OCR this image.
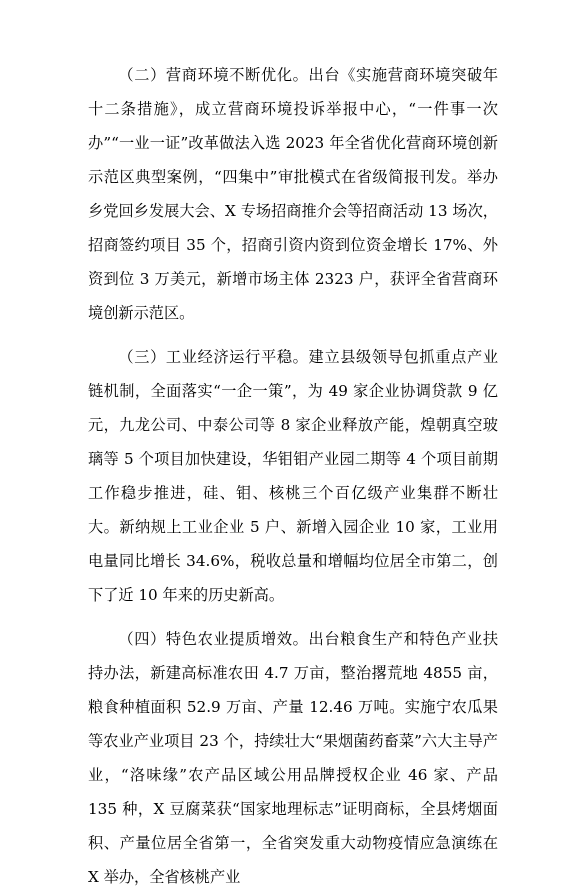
（二）营商环境不断优化。出台《实施营商环境突破年十二条措施》，成立营商环境投诉举报中心，“一件事一次办”“一业一证”改革做法入选 2023 年全省优化营商环境创新示范区典型案例，“四集中”审批模式在省级简报刊发。举办乡党回乡发展大会、X 专场招商推介会等招商活动 13 场次，招商签约项目 35 个，招商引资内资到位资金增长 17%、外资到位 3 万美元，新增市场主体 2323 户，获评全省营商环境创新示范区。

（三）工业经济运行平稳。建立县级领导包抓重点产业链机制，全面落实“一企一策”，为 49 家企业协调贷款 9 亿元，九龙公司、中泰公司等 8 家企业释放产能，煌朝真空玻璃等 5 个项目加快建设，华钼钼产业园二期等 4 个项目前期工作稳步推进，硅、钼、核桃三个百亿级产业集群不断壮大。新纳规上工业企业 5 户、新增入园企业 10 家，工业用电量同比增长 34.6%，税收总量和增幅均位居全市第二，创下了近 10 年来的历史新高。

（四）特色农业提质增效。出台粮食生产和特色产业扶持办法，新建高标准农田 4.7 万亩，整治撂荒地 4855 亩，粮食种植面积 52.9 万亩、产量 12.46 万吨。实施宁农瓜果等农业产业项目 23 个，持续壮大“果烟菌药畜菜”六大主导产业，“洛味缘”农产品区域公用品牌授权企业 46 家、产品 135 种，X 豆腐菜获“国家地理标志”证明商标，全县烤烟面积、产量位居全省第一，全省突发重大动物疫情应急演练在 X 举办，全省核桃产业
